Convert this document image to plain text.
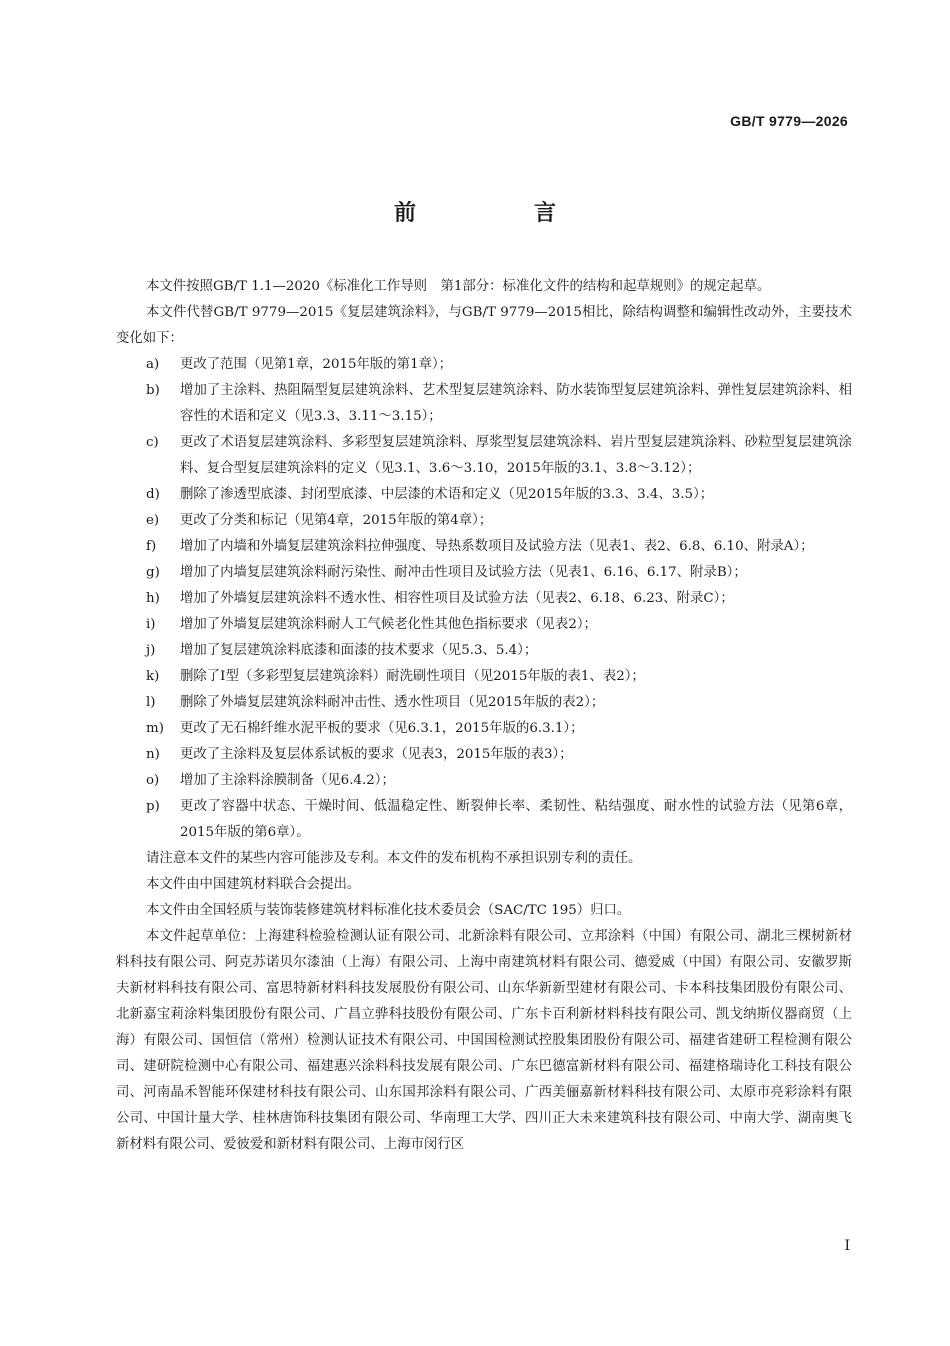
GB/T 9779—2026
前　言

本文件按照GB/T 1.1—2020《标准化工作导则　第1部分：标准化文件的结构和起草规则》的规定起草。

本文件代替GB/T 9779—2015《复层建筑涂料》，与GB/T 9779—2015相比，除结构调整和编辑性改动外，主要技术变化如下：

a)	更改了范围（见第1章，2015年版的第1章）；
b)	增加了主涂料、热阻隔型复层建筑涂料、艺术型复层建筑涂料、防水装饰型复层建筑涂料、弹性复层建筑涂料、相容性的术语和定义（见3.3、3.11～3.15）；
c)	更改了术语复层建筑涂料、多彩型复层建筑涂料、厚浆型复层建筑涂料、岩片型复层建筑涂料、砂粒型复层建筑涂料、复合型复层建筑涂料的定义（见3.1、3.6～3.10，2015年版的3.1、3.8～3.12）；
d)	删除了渗透型底漆、封闭型底漆、中层漆的术语和定义（见2015年版的3.3、3.4、3.5）；
e)	更改了分类和标记（见第4章，2015年版的第4章）；
f)	增加了内墙和外墙复层建筑涂料拉伸强度、导热系数项目及试验方法（见表1、表2、6.8、6.10、附录A）；
g)	增加了内墙复层建筑涂料耐污染性、耐冲击性项目及试验方法（见表1、6.16、6.17、附录B）；
h)	增加了外墙复层建筑涂料不透水性、相容性项目及试验方法（见表2、6.18、6.23、附录C）；
i)	增加了外墙复层建筑涂料耐人工气候老化性其他色指标要求（见表2）；
j)	增加了复层建筑涂料底漆和面漆的技术要求（见5.3、5.4）；
k)	删除了Ⅰ型（多彩型复层建筑涂料）耐洗刷性项目（见2015年版的表1、表2）；
l)	删除了外墙复层建筑涂料耐冲击性、透水性项目（见2015年版的表2）；
m)	更改了无石棉纤维水泥平板的要求（见6.3.1，2015年版的6.3.1）；
n)	更改了主涂料及复层体系试板的要求（见表3，2015年版的表3）；
o)	增加了主涂料涂膜制备（见6.4.2）；
p)	更改了容器中状态、干燥时间、低温稳定性、断裂伸长率、柔韧性、粘结强度、耐水性的试验方法（见第6章，2015年版的第6章）。

请注意本文件的某些内容可能涉及专利。本文件的发布机构不承担识别专利的责任。

本文件由中国建筑材料联合会提出。

本文件由全国轻质与装饰装修建筑材料标准化技术委员会（SAC/TC 195）归口。

本文件起草单位：上海建科检验检测认证有限公司、北新涂料有限公司、立邦涂料（中国）有限公司、湖北三棵树新材料科技有限公司、阿克苏诺贝尔漆油（上海）有限公司、上海中南建筑材料有限公司、德爱威（中国）有限公司、安徽罗斯夫新材料科技有限公司、富思特新材料科技发展股份有限公司、山东华新新型建材有限公司、卡本科技集团股份有限公司、北新嘉宝莉涂料集团股份有限公司、广昌立骅科技股份有限公司、广东卡百利新材料科技有限公司、凯戈纳斯仪器商贸（上海）有限公司、国恒信（常州）检测认证技术有限公司、中国国检测试控股集团股份有限公司、福建省建研工程检测有限公司、建研院检测中心有限公司、福建惠兴涂料科技发展有限公司、广东巴德富新材料有限公司、福建格瑞诗化工科技有限公司、河南晶禾智能环保建材科技有限公司、山东国邦涂料有限公司、广西美俪嘉新材料科技有限公司、太原市亮彩涂料有限公司、中国计量大学、桂林唐饰科技集团有限公司、华南理工大学、四川正大未来建筑科技有限公司、中南大学、湖南奥飞新材料有限公司、爱彼爱和新材料有限公司、上海市闵行区

Ⅰ
